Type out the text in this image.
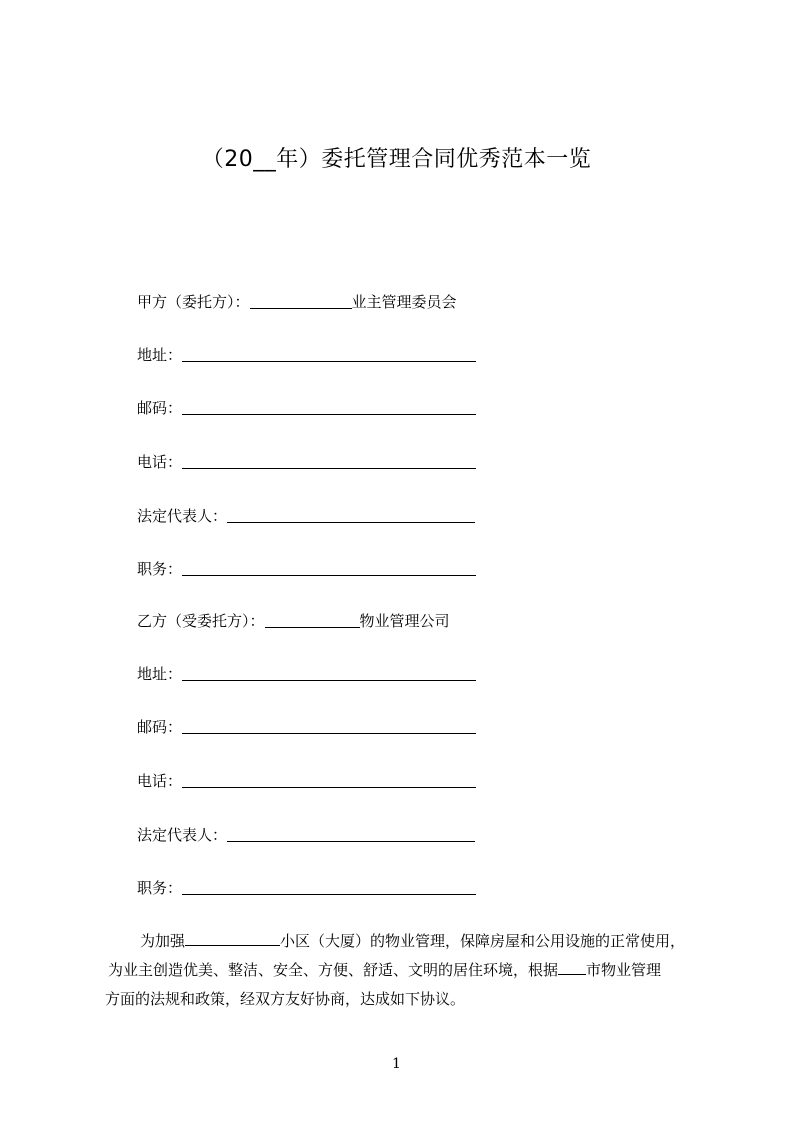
（20__年）委托管理合同优秀范本一览
甲方（委托方）：	业主管理委员会
地址：
邮码：
电话：
法定代表人：
职务：
乙方（受委托方）：	物业管理公司
地址：
邮码：
电话：
法定代表人：
职务：
为加强	小区（大厦）的物业管理，保障房屋和公用设施的正常使用，
为业主创造优美、整洁、安全、方便、舒适、文明的居住环境，根据 市物业管理
方面的法规和政策，经双方友好协商，达成如下协议。
1
